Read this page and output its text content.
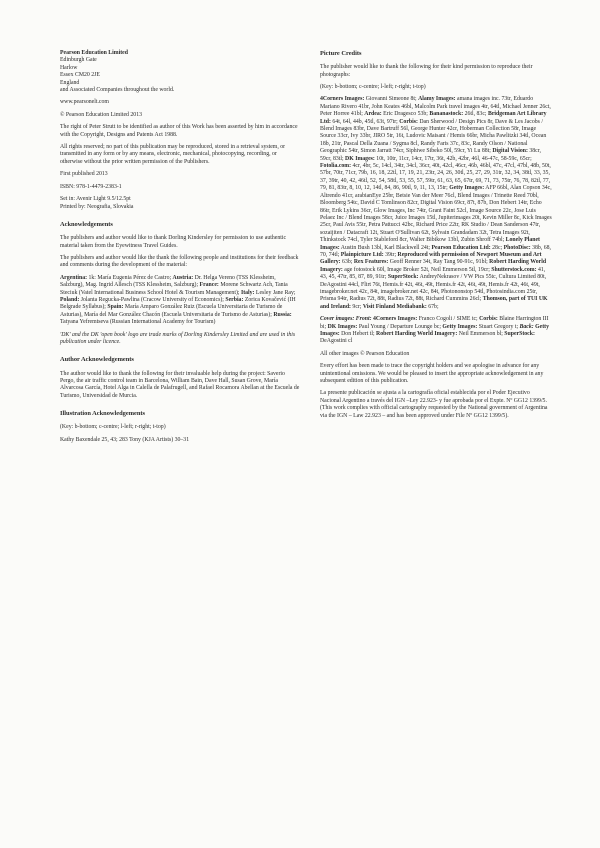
Pearson Education Limited
Edinburgh Gate
Harlow
Essex CM20 2JE
England
and Associated Companies throughout the world.

www.pearsonelt.com

© Pearson Education Limited 2013

The right of Peter Strutt to be identified as author of this Work has been asserted by him in accordance with the Copyright, Designs and Patents Act 1988.

All rights reserved; no part of this publication may be reproduced, stored in a retrieval system, or transmitted in any form or by any means, electronic, mechanical, photocopying, recording, or otherwise without the prior written permission of the Publishers.

First published 2013

ISBN: 978-1-4479-2383-1

Set in: Avenir Light 9.5/12.5pt
Printed by: Neografia, Slovakia

Acknowledgements

The publishers and author would like to thank Dorling Kindersley for permission to use authentic material taken from the Eyewitness Travel Guides.

The publishers and author would like the thank the following people and institutions for their feedback and comments during the development of the material:

Argentina: 1k: María Eugenia Pérez de Castro; Austria: Dr. Helga Vereno (TSS Klessheim, Salzburg), Mag. Ingrid Allesch (TSS Klessheim, Salzburg); France: Morene Schwartz Ach, Tania Steciuk (Vatel International Business School Hotel & Tourism Management); Italy: Lesley Jane Ray; Poland: Jolanta Regucka-Pawlina (Cracow University of Economics); Serbia: Zorica Kovačević (IH Belgrade Syllabus); Spain: María Amparo González Ruiz (Escuela Universitaria de Turismo de Asturias), María del Mar González Chacón (Escuela Universitaria de Turismo de Asturias); Russia: Tatyana Yefremtseva (Russian International Academy for Tourism)

'DK' and the DK 'open book' logo are trade marks of Dorling Kindersley Limited and are used in this publication under licence.

Author Acknowledgements

The author would like to thank the following for their invaluable help during the project: Saverio Pergo, the air traffic control team in Barcelona, William Bain, Dave Hall, Susan Grove, María Alvarcosa García, Hotel Alga in Calella de Palafrugell, and Rafael Rocamora Abellan at the Escuela de Turismo, Universidad de Murcia.

Illustration Acknowledgements

(Key: b-bottom; c-centre; l-left; r-right; t-top)

Kathy Baxendale 25, 43; 283 Tony (KJA Artists) 30–31

Picture Credits

The publisher would like to thank the following for their kind permission to reproduce their photographs:

(Key: b-bottom; c-centre; l-left; r-right; t-top)

4Corners Images: Giovanni Simeone 8t; Alamy Images: amana images inc. 73tr, Eduardo Mariano Rivero 41br, John Keates 46bl, Malcolm Park travel images 4tr, 64tl, Michael Jenner 26ct, Peter Horree 41bl; Ardea: Eric Dragesco 53b; Bananastock: 26tl, 83c; Bridgeman Art Library Ltd: 64t, 64l, 44b, 45tl, 63t, 97tr; Corbis: Dan Sherwood / Design Pics 8r, Dave & Les Jacobs / Blend Images 83br, Dave Bartruff 56l, George Hunter 42cr, Hoberman Collection 58r, Image Source 33cr, Ivy 33br, JIRO 5tr, 16t, Ludovic Maisant / Hemis 66br, Micha Pawlitzki 34tl, Ocean 18b, 21tr, Pascal Della Zuana / Sygma 8cl, Randy Faris 37c, 83c, Randy Olson / National Geographic 54tr, Simon Jarratt 74cr, Siphiwe Sibeko 50l, 59cr, Yi Lu 88t; Digital Vision: 38cr, 59cr, 83tl; DK Images: 10t, 10tr, 11cr, 14cr, 17tr, 36t, 42b, 42br, 46l, 46-47c, 58-59c, 65cr; Fotolia.com: 4cr, 4br, 5c, 14cl, 34tr, 34cl, 36cr, 40t, 42cl, 46cr, 46b, 46bl, 47c, 47cl, 47bl, 48b, 50t, 57br, 70tr, 71cr, 79b, 16, 18, 22tl, 17, 19, 21, 23tr, 24, 26, 30tl, 25, 27, 29, 31tr, 32, 34, 38tl, 33, 35, 37, 39tr, 40, 42, 46tl, 52, 54, 58tl, 53, 55, 57, 59tr, 61, 63, 65, 67tr, 69, 71, 73, 75tr, 76, 78, 82tl, 77, 79, 81, 83tr, 8, 10, 12, 14tl, 84, 86, 90tl, 9, 11, 13, 15tr; Getty Images: AFP 66bl, Alan Copson 34c, Altrendo 41cr, arabianEye 25br, Betsie Van der Meer 76cl, Blend Images / Trinette Reed 70bl, Bloomberg 54tc, David C Tomlinson 82cr, Digital Vision 69cr, 87t, 87b, Don Hebert 14tr, Echo 86tr, Erik Lykins 36cr, Glow Images, Inc 74tr, Grant Faint 52cl, Image Source 22c, Jose Luis Pelaez Inc / Blend Images 58cr, Juice Images 15tl, Jupiterimages 20t, Kevin Miller 8c, Kick Images 25cr, Paul Avis 55tr, Petra Pattucci 42bc, Richard Price 22tr, RK Studio / Dean Sanderson 47tr, sozaijiten / Datacraft 12t, Stuart O'Sullivan 62t, Sylvain Grandadam 32t, Tetra Images 92t, Thinkstock 74cl, Tyler Stableford 8cr, Walter Bibikow 13bl, Zubin Shroff 74bl; Lonely Planet Images: Austin Bush 13bl, Karl Blackwell 24t; Pearson Education Ltd: 28c; PhotoDisc: 38b, 68, 70, 74tl; Plainpicture Ltd: 39tr; Reproduced with permission of Newport Museum and Art Gallery: 63b; Rex Features: Geoff Renner 34t, Ray Tang 90-91c, 91bl; Robert Harding World Imagery: age fotostock 60l, Image Broker 52t, Neil Emmerson 5tl, 19cr; Shutterstock.com: 41, 43, 45, 47tr, 85, 87, 89, 91tr; SuperStock: AndreyNekrasov / VW Pics 55tc, Cultura Limited 80t, DeAgostini 44cl, Flirt 76t, Hemis.fr 42t, 46t, 49t, Hemis.fr 42t, 46t, 49t, Hemis.fr 42t, 46t, 49t, imagebroker.net 42c, 84t, imagebroker.net 42c, 84t, Photononstop 54tl, Photosindia.com 25tr, Prisma 94tr, Radius 72t, 88t, Radius 72t, 88t, Richard Cummins 26cl; Thomson, part of TUI UK and Ireland: 9cr; Visit Finland Mediabank: 67b;

Cover images: Front: 4Corners Images: Franco Cogoli / SIME tc; Corbis: Blaine Harrington III bi; DK Images: Paul Young / Departure Lounge bc; Getty Images: Stuart Gregory t; Back: Getty Images: Don Hebert tl; Robert Harding World Imagery: Neil Emmerson bl; SuperStock: DeAgostini cl

All other images © Pearson Education

Every effort has been made to trace the copyright holders and we apologise in advance for any unintentional omissions. We would be pleased to insert the appropriate acknowledgement in any subsequent edition of this publication.

La presente publicación se ajusta a la cartografía oficial establecida por el Poder Ejecutivo Nacional Argentino a través del IGN –Ley 22.923- y fue aprobada por el Expte. Nº GG12 1399/5. (This work complies with official cartography requested by the National government of Argentina via the IGN – Law 22.923 – and has been approved under File Nº GG12 1399/5).
